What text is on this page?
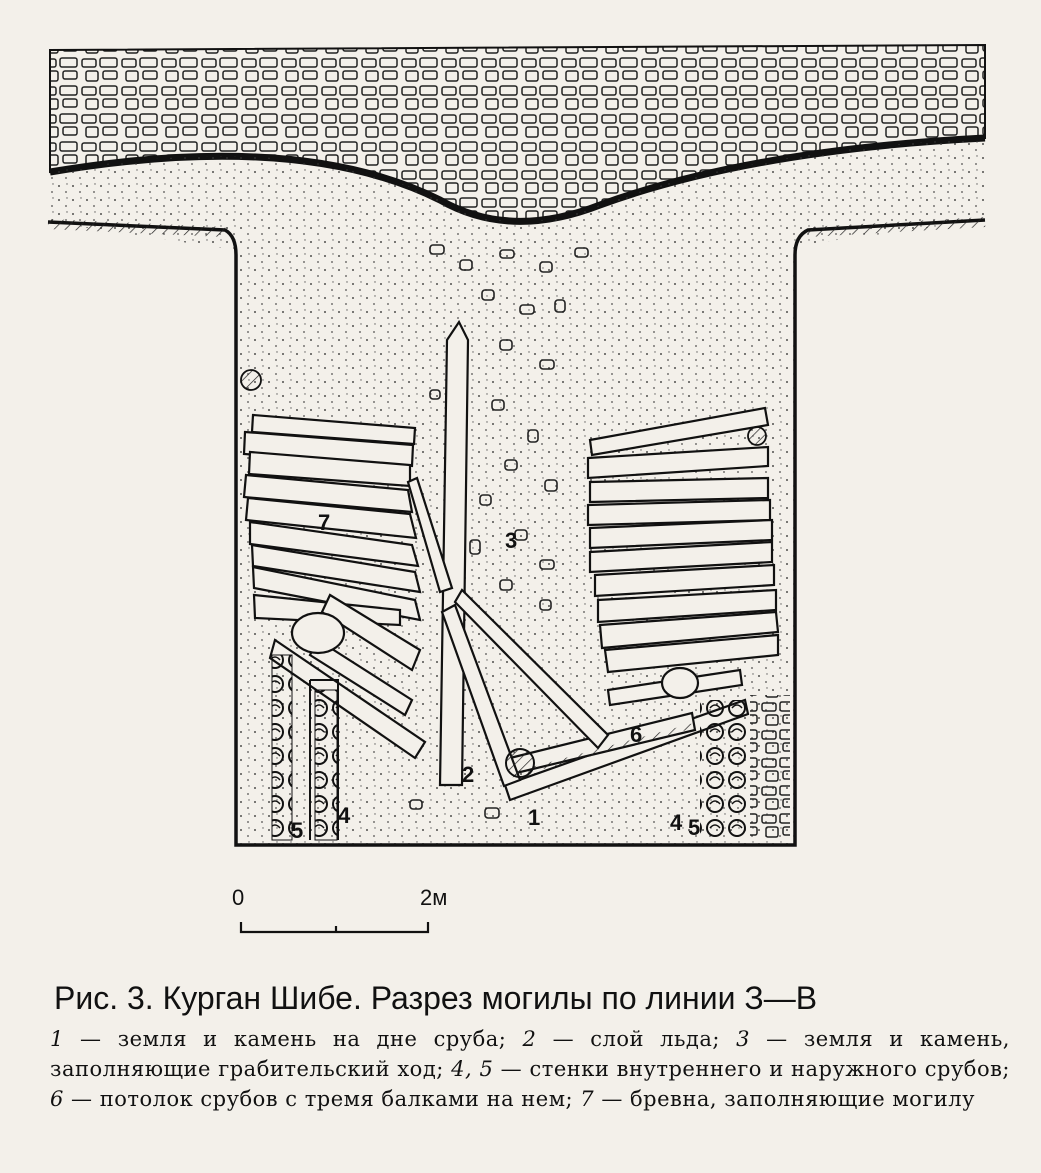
7
5
4
6
4 5
2
3
1
0	2м
Рис. 3. Курган Шибе. Разрез могилы по линии З—В
1 — земля и камень на дне сруба; 2 — слой льда; 3 — земля и камень, заполняющие грабительский ход; 4, 5 — стенки внутреннего и наружного срубов; 6 — потолок срубов с тремя балками на нем; 7 — бревна, заполняющие могилу
